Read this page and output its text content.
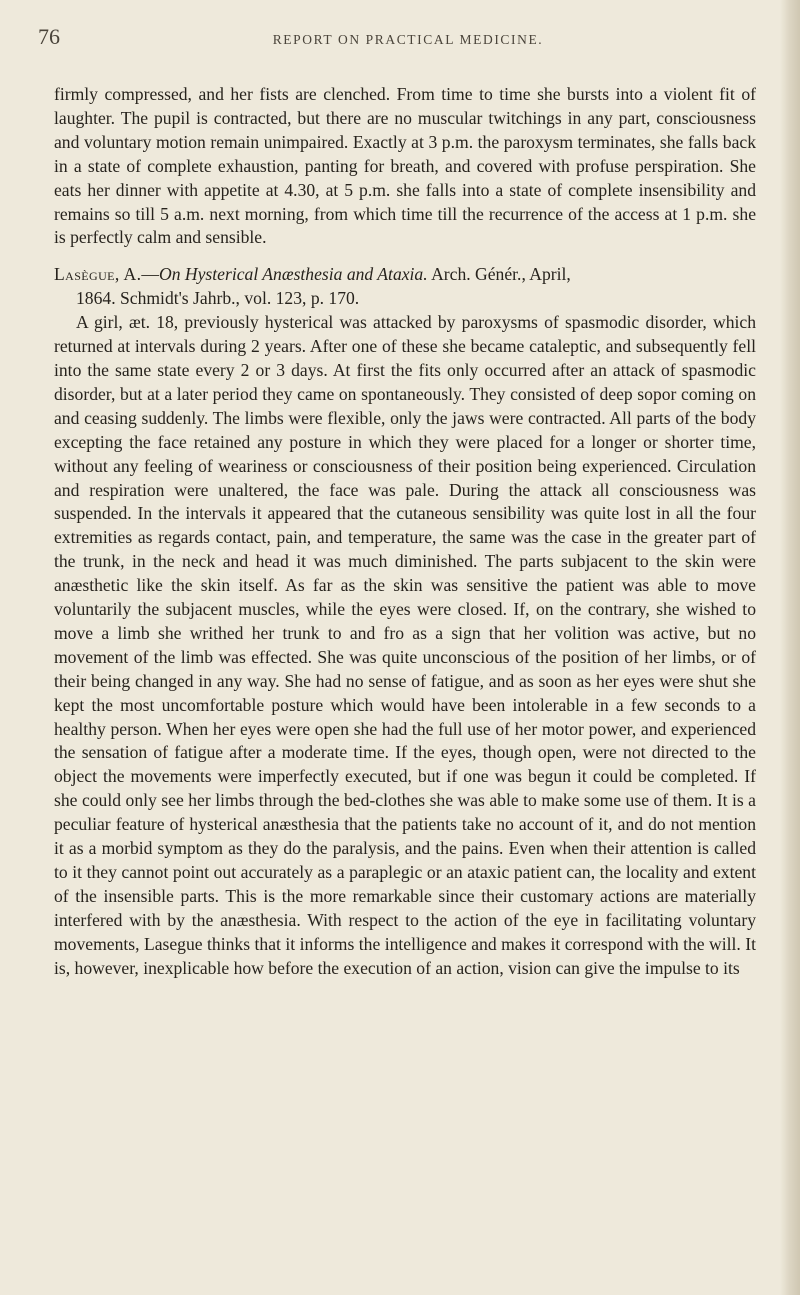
76	REPORT ON PRACTICAL MEDICINE.

firmly compressed, and her fists are clenched. From time to time she bursts into a violent fit of laughter. The pupil is contracted, but there are no muscular twitchings in any part, consciousness and voluntary motion remain unimpaired. Exactly at 3 p.m. the paroxysm terminates, she falls back in a state of complete exhaustion, panting for breath, and covered with profuse perspiration. She eats her dinner with appetite at 4.30, at 5 p.m. she falls into a state of complete insensibility and remains so till 5 a.m. next morning, from which time till the recurrence of the access at 1 p.m. she is perfectly calm and sensible.

Lasègue, A.—On Hysterical Anæsthesia and Ataxia. Arch. Génér., April,
1864. Schmidt's Jahrb., vol. 123, p. 170.

A girl, æt. 18, previously hysterical was attacked by paroxysms of spasmodic disorder, which returned at intervals during 2 years. After one of these she became cataleptic, and subsequently fell into the same state every 2 or 3 days. At first the fits only occurred after an attack of spasmodic disorder, but at a later period they came on spontaneously. They consisted of deep sopor coming on and ceasing suddenly. The limbs were flexible, only the jaws were contracted. All parts of the body excepting the face retained any posture in which they were placed for a longer or shorter time, without any feeling of weariness or consciousness of their position being experienced. Circulation and respiration were unaltered, the face was pale. During the attack all consciousness was suspended. In the intervals it appeared that the cutaneous sensibility was quite lost in all the four extremities as regards contact, pain, and temperature, the same was the case in the greater part of the trunk, in the neck and head it was much diminished. The parts subjacent to the skin were anæsthetic like the skin itself. As far as the skin was sensitive the patient was able to move voluntarily the subjacent muscles, while the eyes were closed. If, on the contrary, she wished to move a limb she writhed her trunk to and fro as a sign that her volition was active, but no movement of the limb was effected. She was quite unconscious of the position of her limbs, or of their being changed in any way. She had no sense of fatigue, and as soon as her eyes were shut she kept the most uncomfortable posture which would have been intolerable in a few seconds to a healthy person. When her eyes were open she had the full use of her motor power, and experienced the sensation of fatigue after a moderate time. If the eyes, though open, were not directed to the object the movements were imperfectly executed, but if one was begun it could be completed. If she could only see her limbs through the bed-clothes she was able to make some use of them. It is a peculiar feature of hysterical anæsthesia that the patients take no account of it, and do not mention it as a morbid symptom as they do the paralysis, and the pains. Even when their attention is called to it they cannot point out accurately as a paraplegic or an ataxic patient can, the locality and extent of the insensible parts. This is the more remarkable since their customary actions are materially interfered with by the anæsthesia. With respect to the action of the eye in facilitating voluntary movements, Lasegue thinks that it informs the intelligence and makes it correspond with the will. It is, however, inexplicable how before the execution of an action, vision can give the impulse to its
